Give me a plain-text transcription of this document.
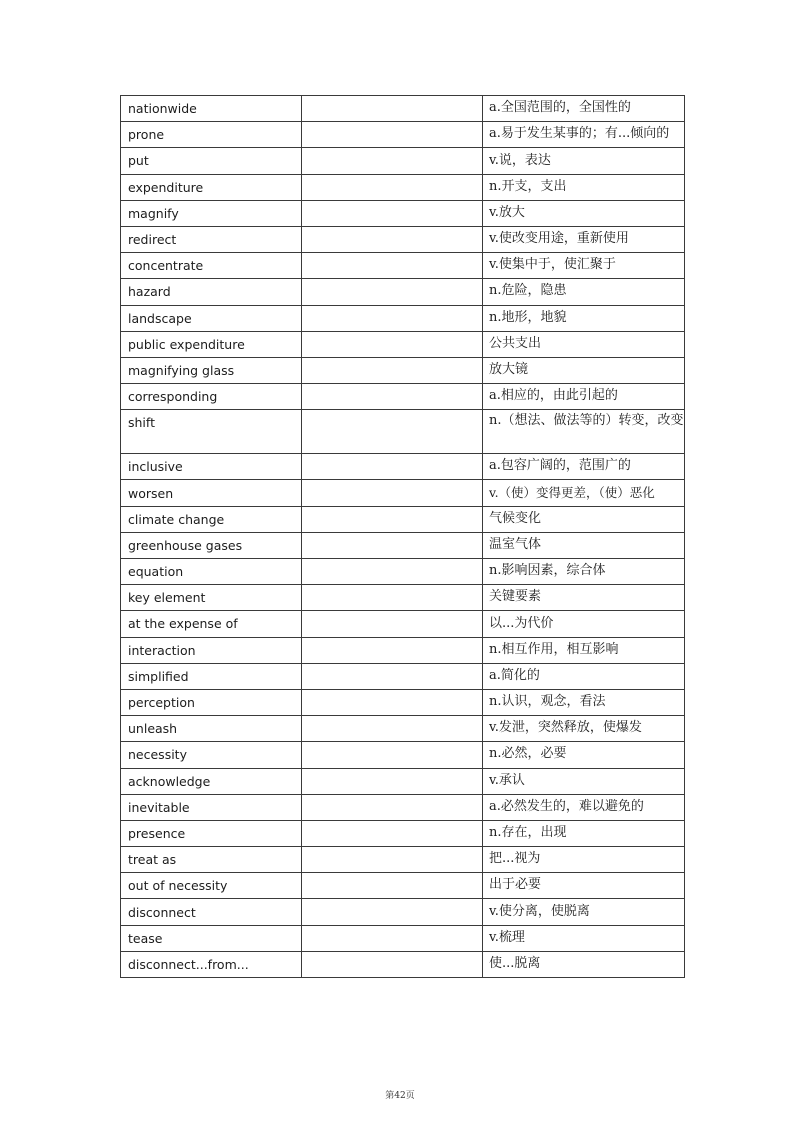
nationwide		a.全国范围的，全国性的
prone		a.易于发生某事的；有...倾向的
put		v.说，表达
expenditure		n.开支，支出
magnify		v.放大
redirect		v.使改变用途，重新使用
concentrate		v.使集中于，使汇聚于
hazard		n.危险，隐患
landscape		n.地形，地貌
public expenditure		公共支出
magnifying glass		放大镜
corresponding		a.相应的，由此引起的
shift		n.（想法、做法等的）转变，改变
inclusive		a.包容广阔的，范围广的
worsen		v.（使）变得更差，（使）恶化
climate change		气候变化
greenhouse gases		温室气体
equation		n.影响因素，综合体
key element		关键要素
at the expense of		以...为代价
interaction		n.相互作用，相互影响
simplified		a.简化的
perception		n.认识，观念，看法
unleash		v.发泄，突然释放，使爆发
necessity		n.必然，必要
acknowledge		v.承认
inevitable		a.必然发生的，难以避免的
presence		n.存在，出现
treat as		把...视为
out of necessity		出于必要
disconnect		v.使分离，使脱离
tease		v.梳理
disconnect...from...		使...脱离
第42页
